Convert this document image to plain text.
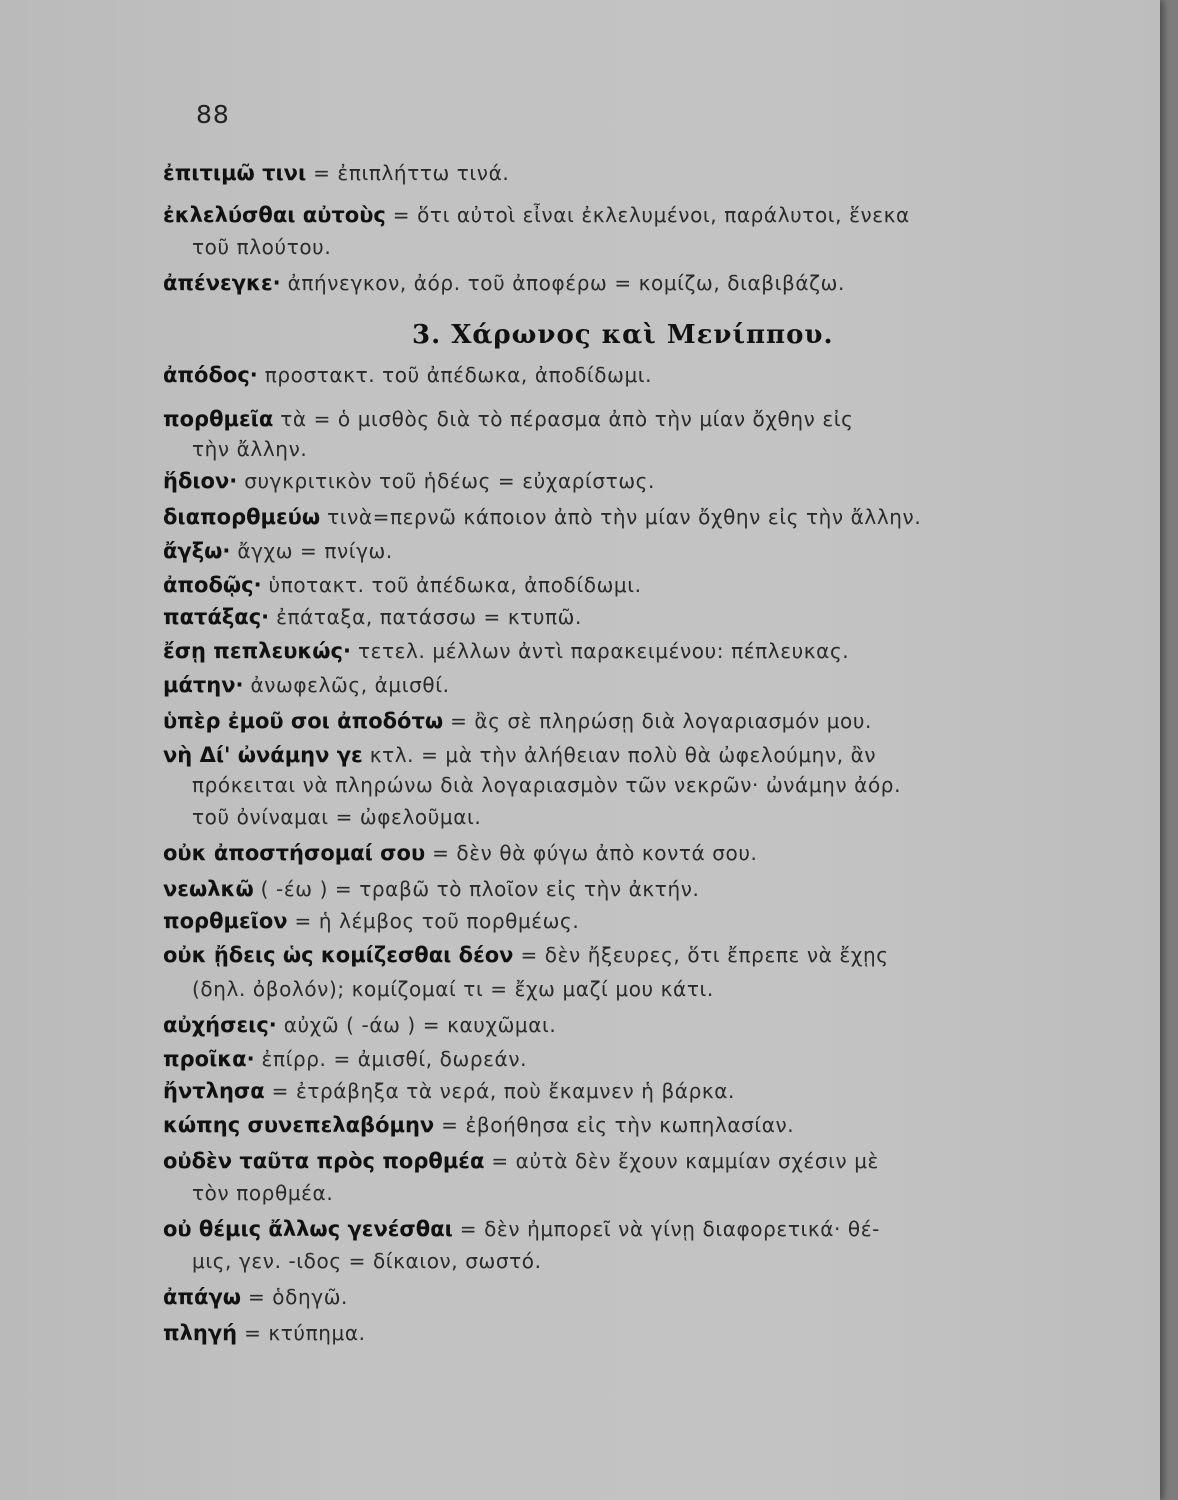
88
3. Χάρωνος καὶ Μενίππου.
ἐπιτιμῶ τινι = ἐπιπλήττω τινά.
ἐκλελύσθαι αὐτοὺς = ὅτι αὐτοὶ εἶναι ἐκλελυμένοι, παράλυτοι, ἕνεκα
τοῦ πλούτου.
ἀπένεγκε· ἀπήνεγκον, ἀόρ. τοῦ ἀποφέρω = κομίζω, διαβιβάζω.
ἀπόδος· προστακτ. τοῦ ἀπέδωκα, ἀποδίδωμι.
πορθμεῖα τὰ = ὁ μισθὸς διὰ τὸ πέρασμα ἀπὸ τὴν μίαν ὄχθην εἰς
τὴν ἄλλην.
ἥδιον· συγκριτικὸν τοῦ ἡδέως = εὐχαρίστως.
διαπορθμεύω τινὰ=περνῶ κάποιον ἀπὸ τὴν μίαν ὄχθην εἰς τὴν ἄλλην.
ἄγξω· ἄγχω = πνίγω.
ἀποδῷς· ὑποτακτ. τοῦ ἀπέδωκα, ἀποδίδωμι.
πατάξας· ἐπάταξα, πατάσσω = κτυπῶ.
ἔσῃ πεπλευκώς· τετελ. μέλλων ἀντὶ παρακειμένου: πέπλευκας.
μάτην· ἀνωφελῶς, ἀμισθί.
ὑπὲρ ἐμοῦ σοι ἀποδότω = ἂς σὲ πληρώσῃ διὰ λογαριασμόν μου.
νὴ Δί' ὠνάμην γε κτλ. = μὰ τὴν ἀλήθειαν πολὺ θὰ ὠφελούμην, ἂν
πρόκειται νὰ πληρώνω διὰ λογαριασμὸν τῶν νεκρῶν· ὠνάμην ἀόρ.
τοῦ ὀνίναμαι = ὠφελοῦμαι.
οὐκ ἀποστήσομαί σου = δὲν θὰ φύγω ἀπὸ κοντά σου.
νεωλκῶ ( -έω ) = τραβῶ τὸ πλοῖον εἰς τὴν ἀκτήν.
πορθμεῖον = ἡ λέμβος τοῦ πορθμέως.
οὐκ ᾔδεις ὡς κομίζεσθαι δέον = δὲν ἤξευρες, ὅτι ἔπρεπε νὰ ἔχῃς
(δηλ. ὀβολόν); κομίζομαί τι = ἔχω μαζί μου κάτι.
αὐχήσεις· αὐχῶ ( -άω ) = καυχῶμαι.
προῖκα· ἐπίρρ. = ἀμισθί, δωρεάν.
ἤντλησα = ἐτράβηξα τὰ νερά, ποὺ ἔκαμνεν ἡ βάρκα.
κώπης συνεπελαβόμην = ἐβοήθησα εἰς τὴν κωπηλασίαν.
οὐδὲν ταῦτα πρὸς πορθμέα = αὐτὰ δὲν ἔχουν καμμίαν σχέσιν μὲ
τὸν πορθμέα.
οὐ θέμις ἄλλως γενέσθαι = δὲν ἠμπορεῖ νὰ γίνῃ διαφορετικά· θέ-
μις, γεν. -ιδος = δίκαιον, σωστό.
ἀπάγω = ὁδηγῶ.
πληγή = κτύπημα.
